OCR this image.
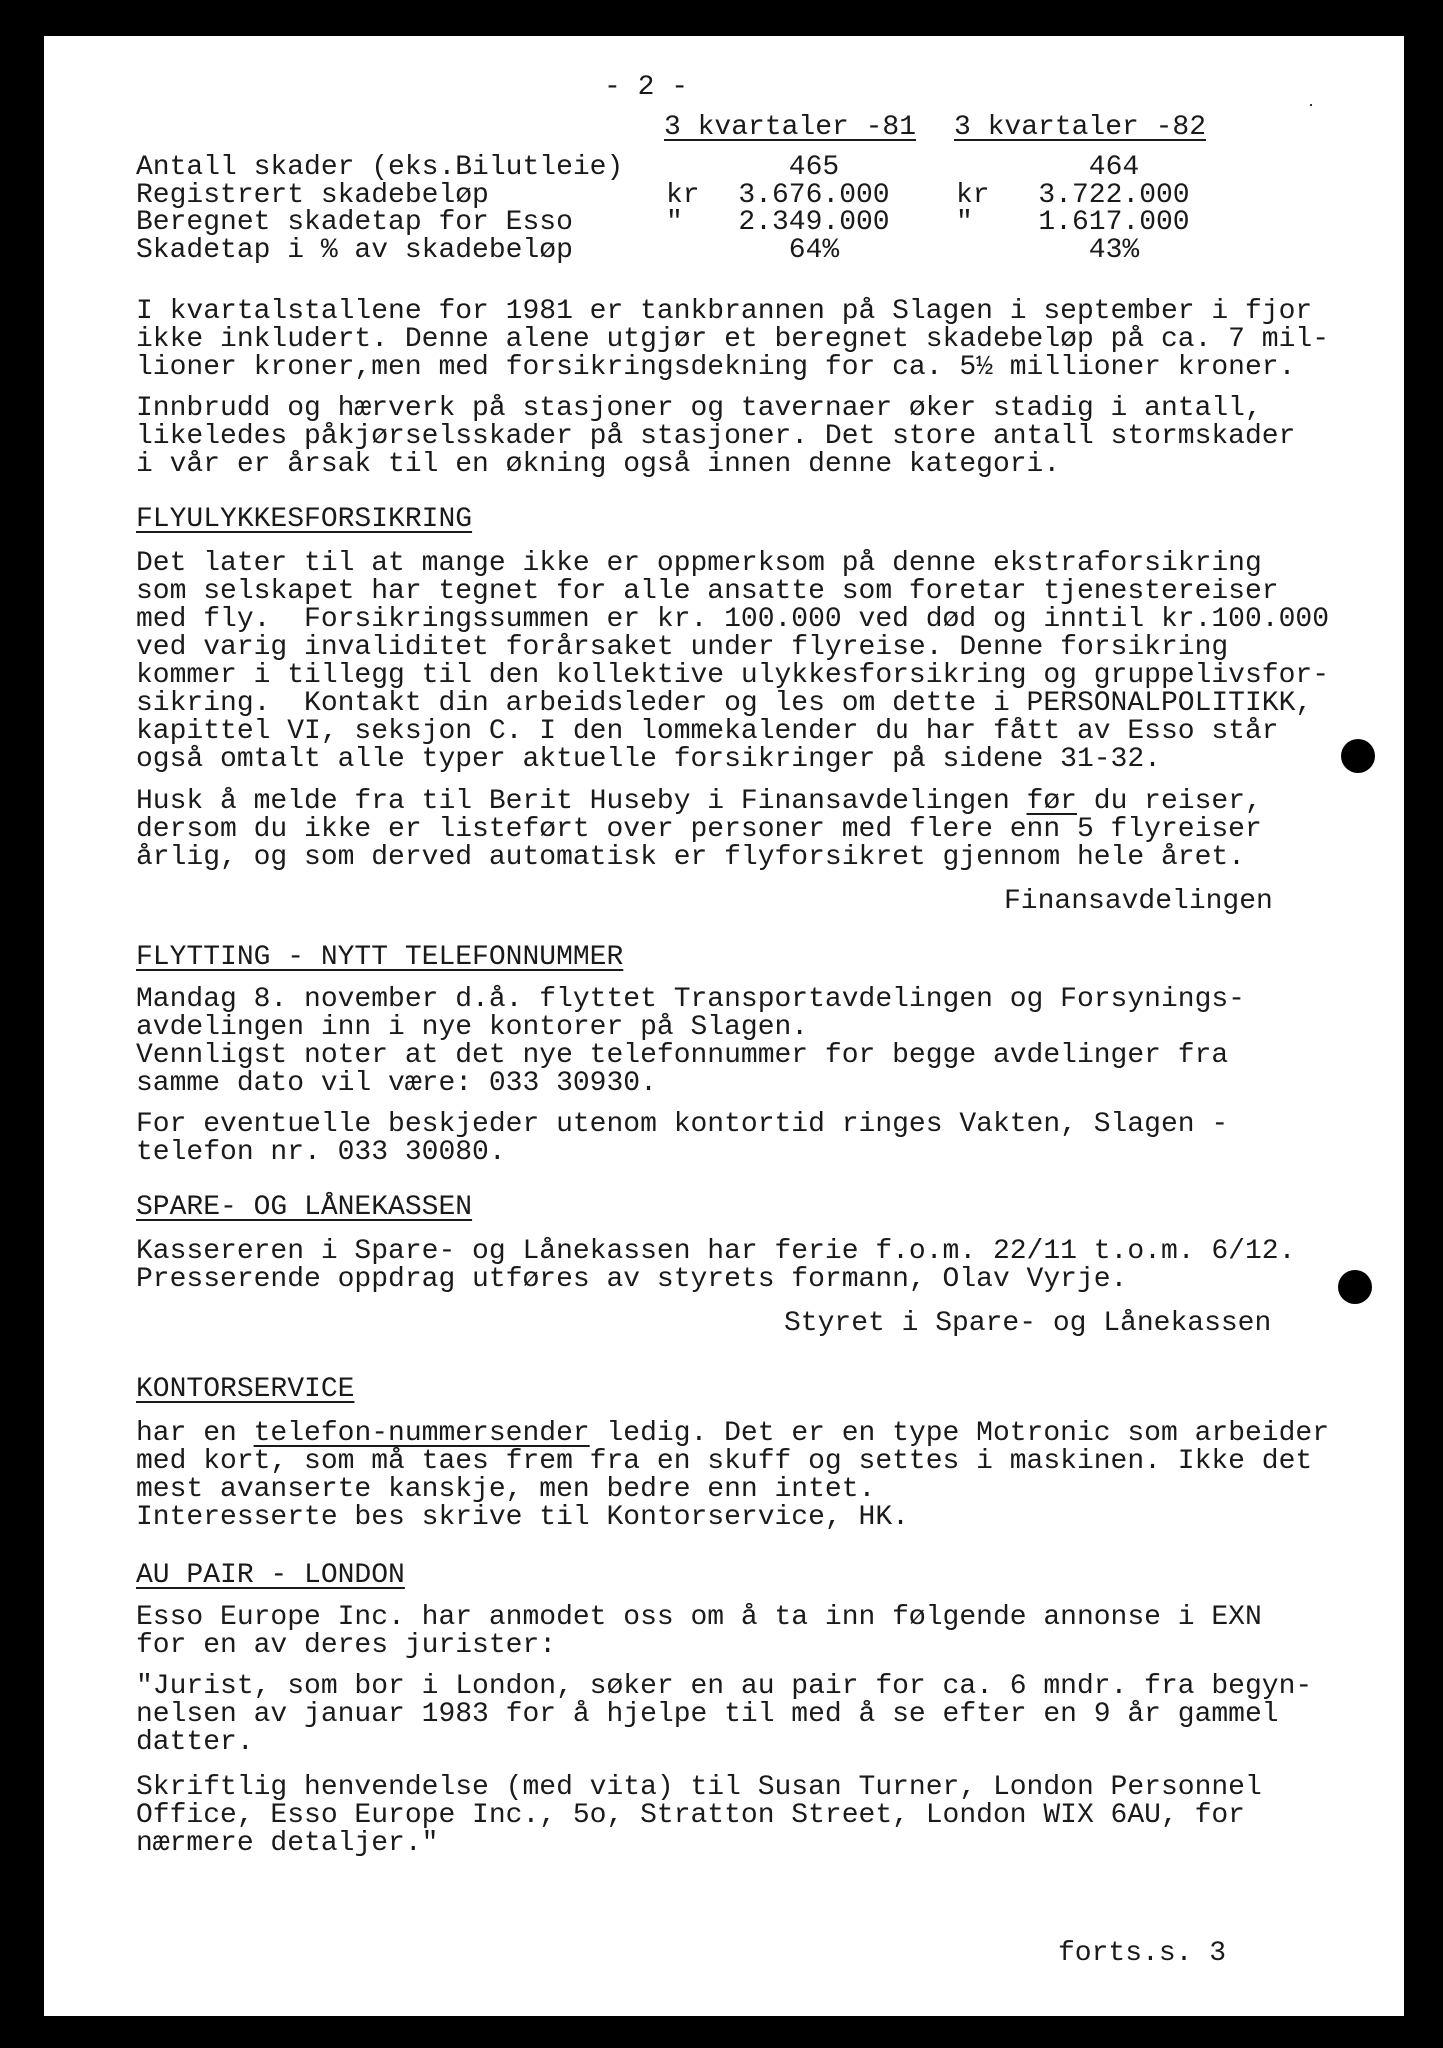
- 2 -
3 kvartaler -81 3 kvartaler -82
Antall skader (eks.Bilutleie)	465	464
Registrert skadebeløp	kr	3.676.000	kr	3.722.000
Beregnet skadetap for Esso	"	2.349.000	"	1.617.000
Skadetap i % av skadebeløp	64%	43%
I kvartalstallene for 1981 er tankbrannen på Slagen i september i fjor
ikke inkludert. Denne alene utgjør et beregnet skadebeløp på ca. 7 mil-
lioner kroner,men med forsikringsdekning for ca. 5½ millioner kroner.
Innbrudd og hærverk på stasjoner og tavernaer øker stadig i antall,
likeledes påkjørselsskader på stasjoner. Det store antall stormskader
i vår er årsak til en økning også innen denne kategori.
FLYULYKKESFORSIKRING
Det later til at mange ikke er oppmerksom på denne ekstraforsikring
som selskapet har tegnet for alle ansatte som foretar tjenestereiser
med fly.  Forsikringssummen er kr. 100.000 ved død og inntil kr.100.000
ved varig invaliditet forårsaket under flyreise. Denne forsikring
kommer i tillegg til den kollektive ulykkesforsikring og gruppelivsfor-
sikring.  Kontakt din arbeidsleder og les om dette i PERSONALPOLITIKK,
kapittel VI, seksjon C. I den lommekalender du har fått av Esso står
også omtalt alle typer aktuelle forsikringer på sidene 31-32.
Husk å melde fra til Berit Huseby i Finansavdelingen før du reiser,
dersom du ikke er listeført over personer med flere enn 5 flyreiser
årlig, og som derved automatisk er flyforsikret gjennom hele året.
Finansavdelingen
FLYTTING - NYTT TELEFONNUMMER
Mandag 8. november d.å. flyttet Transportavdelingen og Forsynings-
avdelingen inn i nye kontorer på Slagen.
Vennligst noter at det nye telefonnummer for begge avdelinger fra
samme dato vil være: 033 30930.
For eventuelle beskjeder utenom kontortid ringes Vakten, Slagen -
telefon nr. 033 30080.
SPARE- OG LÅNEKASSEN
Kassereren i Spare- og Lånekassen har ferie f.o.m. 22/11 t.o.m. 6/12.
Presserende oppdrag utføres av styrets formann, Olav Vyrje.
Styret i Spare- og Lånekassen
KONTORSERVICE
har en telefon-nummersender ledig. Det er en type Motronic som arbeider
med kort, som må taes frem fra en skuff og settes i maskinen. Ikke det
mest avanserte kanskje, men bedre enn intet.
Interesserte bes skrive til Kontorservice, HK.
AU PAIR - LONDON
Esso Europe Inc. har anmodet oss om å ta inn følgende annonse i EXN
for en av deres jurister:
"Jurist, som bor i London, søker en au pair for ca. 6 mndr. fra begyn-
nelsen av januar 1983 for å hjelpe til med å se efter en 9 år gammel
datter.
Skriftlig henvendelse (med vita) til Susan Turner, London Personnel
Office, Esso Europe Inc., 5o, Stratton Street, London WIX 6AU, for
nærmere detaljer."
forts.s. 3
